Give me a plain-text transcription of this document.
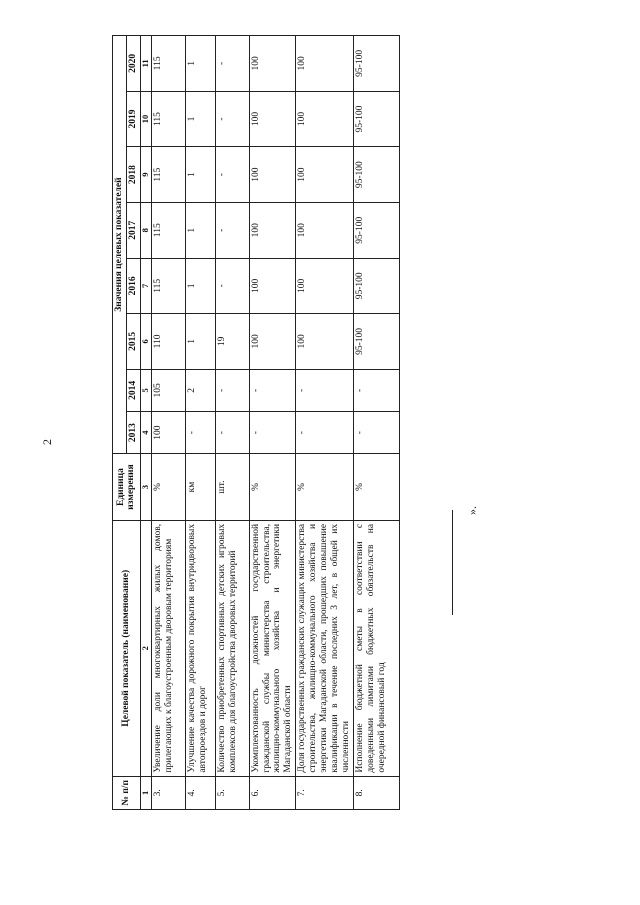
2
№ п/п	Целевой показатель (наименование)	Единица измерения	Значения целевых показателей							
			2013	2014	2015	2016	2017	2018	2019	2020
1	2	3	4	5	6	7	8	9	10	11
3.	Увеличение доли многоквартирных жилых домов, прилегающих к благоустроенным дворовым территориям	%	100	105	110	115	115	115	115	115
4.	Улучшение качества дорожного покрытия внутридворовых автопроездов и дорог	км	-	2	1	1	1	1	1	1
5.	Количество приобретенных спортивных детских игровых комплексов для благоустройства дворовых территорий	шт.	-	-	19	-	-	-	-	-
6.	Укомплектованность должностей государственной гражданской службы министерства строительства, жилищно-коммунального хозяйства и энергетики Магаданской области	%	-	-	100	100	100	100	100	100
7.	Доля государственных гражданских служащих министерства строительства, жилищно-коммунального хозяйства и энергетики Магаданской области, прошедших повышение квалификации в течение последних 3 лет, в общей их численности	%	-	-	100	100	100	100	100	100
8.	Исполнение бюджетной сметы в соответствии с доведенными лимитами бюджетных обязательств на очередной финансовый год	%	-	-	95-100	95-100	95-100	95-100	95-100	95-100
».
